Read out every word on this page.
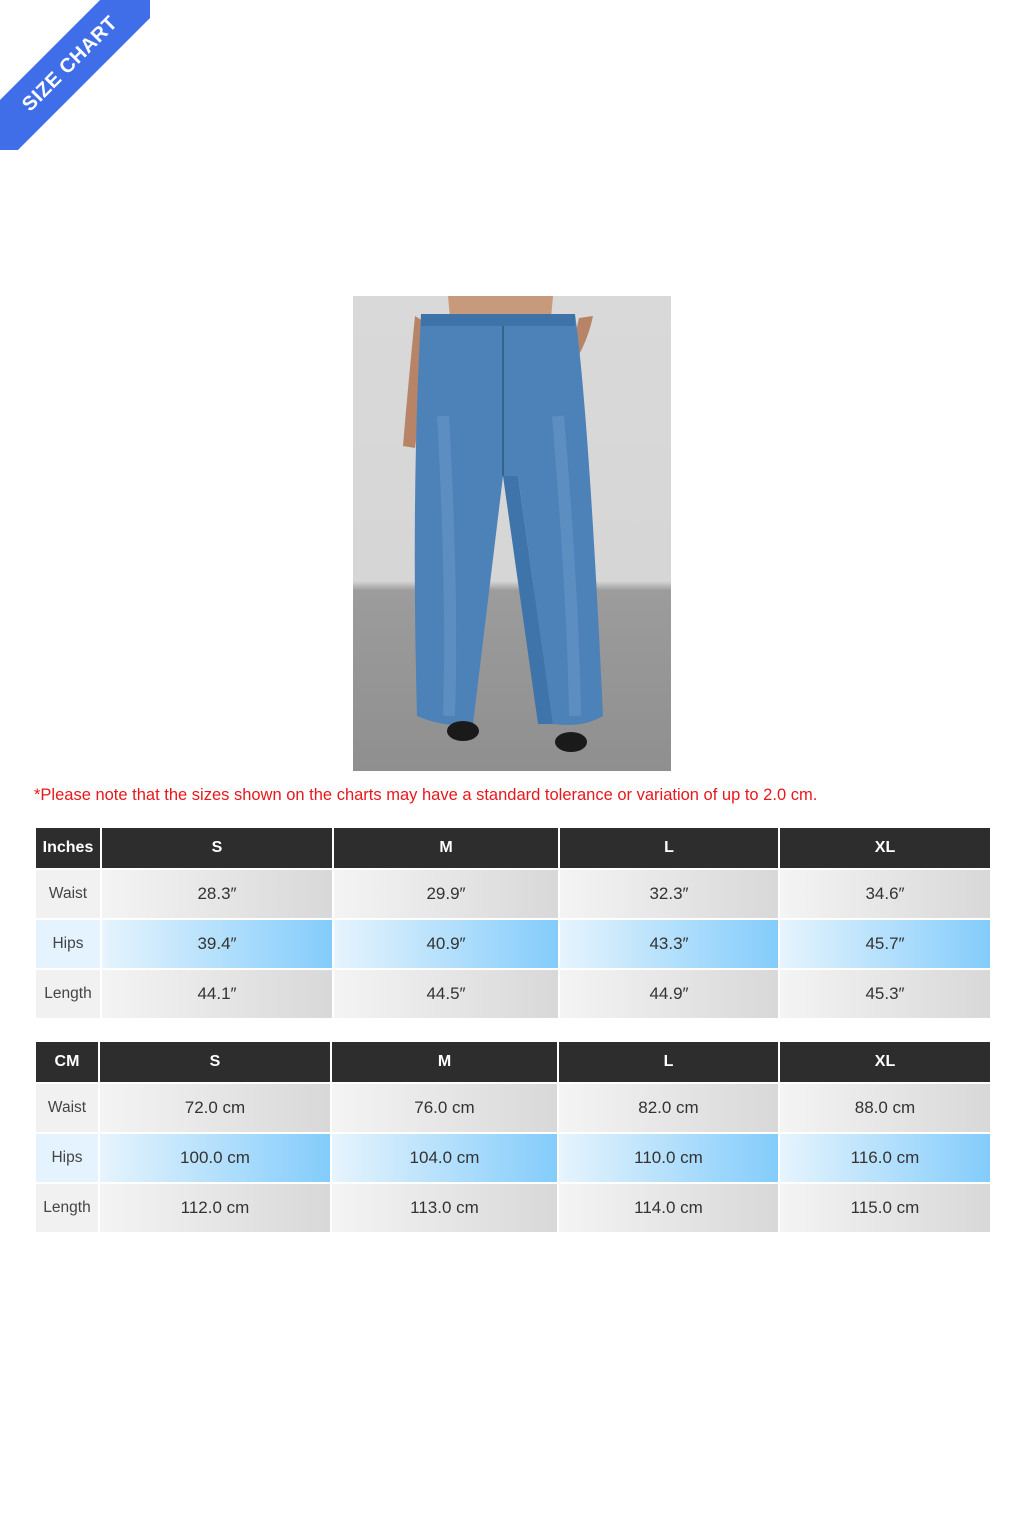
SIZE CHART
*Please note that the sizes shown on the charts may have a standard tolerance or variation of up to 2.0 cm.
Inches	S	M	L	XL
Waist	28.3″	29.9″	32.3″	34.6″
Hips	39.4″	40.9″	43.3″	45.7″
Length	44.1″	44.5″	44.9″	45.3″
CM	S	M	L	XL
Waist	72.0 cm	76.0 cm	82.0 cm	88.0 cm
Hips	100.0 cm	104.0 cm	110.0 cm	116.0 cm
Length	112.0 cm	113.0 cm	114.0 cm	115.0 cm
